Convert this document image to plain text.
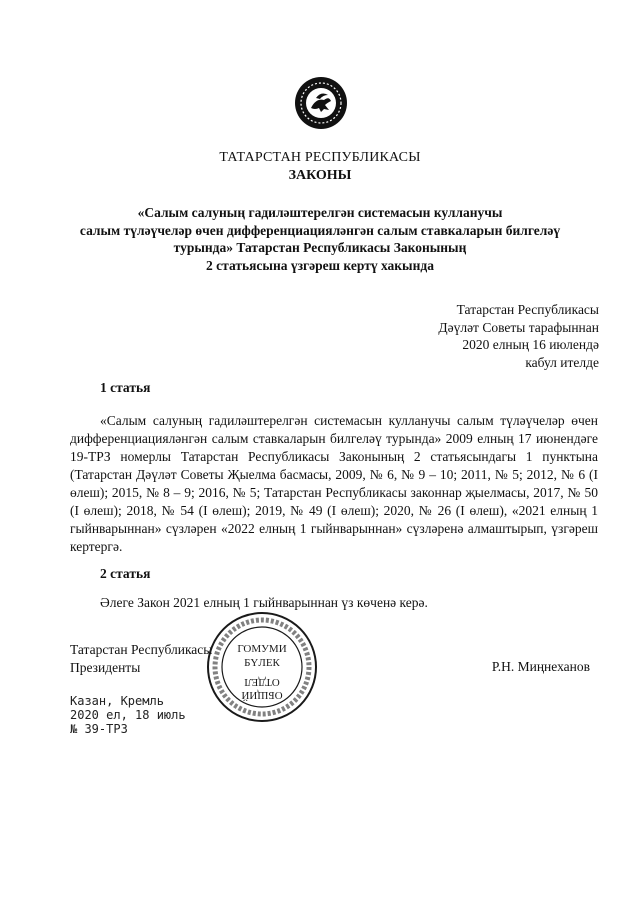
ТАТАРСТАН РЕСПУБЛИКАСЫ
ЗАКОНЫ
«Салым салуның гадиләштерелгән системасын кулланучы
салым түләүчеләр өчен дифференциацияләнгән салым ставкаларын билгеләү
турында» Татарстан Республикасы Законының
2 статьясына үзгәреш кертү хакында
Татарстан Республикасы
Дәүләт Советы тарафыннан
2020 елның 16 июлендә
кабул ителде
1 статья
«Салым салуның гадиләштерелгән системасын кулланучы салым түләүчеләр өчен дифференциацияләнгән салым ставкаларын билгеләү турында» 2009 елның 17 июнендәге 19-ТРЗ номерлы Татарстан Республикасы Законының 2 статьясындагы 1 пунктына (Татарстан Дәүләт Советы Җыелма басмасы, 2009, № 6, № 9 – 10; 2011, № 5; 2012, № 6 (I өлеш); 2015, № 8 – 9; 2016, № 5; Татарстан Республикасы законнар җыелмасы, 2017, № 50 (I өлеш); 2018, № 54 (I өлеш); 2019, № 49 (I өлеш); 2020, № 26 (I өлеш), «2021 елның 1 гыйнварыннан» сүзләрен «2022 елның 1 гыйнварыннан» сүзләренә алмаштырып, үзгәреш кертергә.
2 статья
Әлеге Закон 2021 елның 1 гыйнварыннан үз көченә керә.
Татарстан Республикасы
Президенты	Р.Н. Миңнеханов
ГОМУМИ
БҮЛЕК
ОТДЕЛ
ОБЩИЙ
Казан, Кремль
2020 ел, 18 июль
№ 39-ТРЗ
